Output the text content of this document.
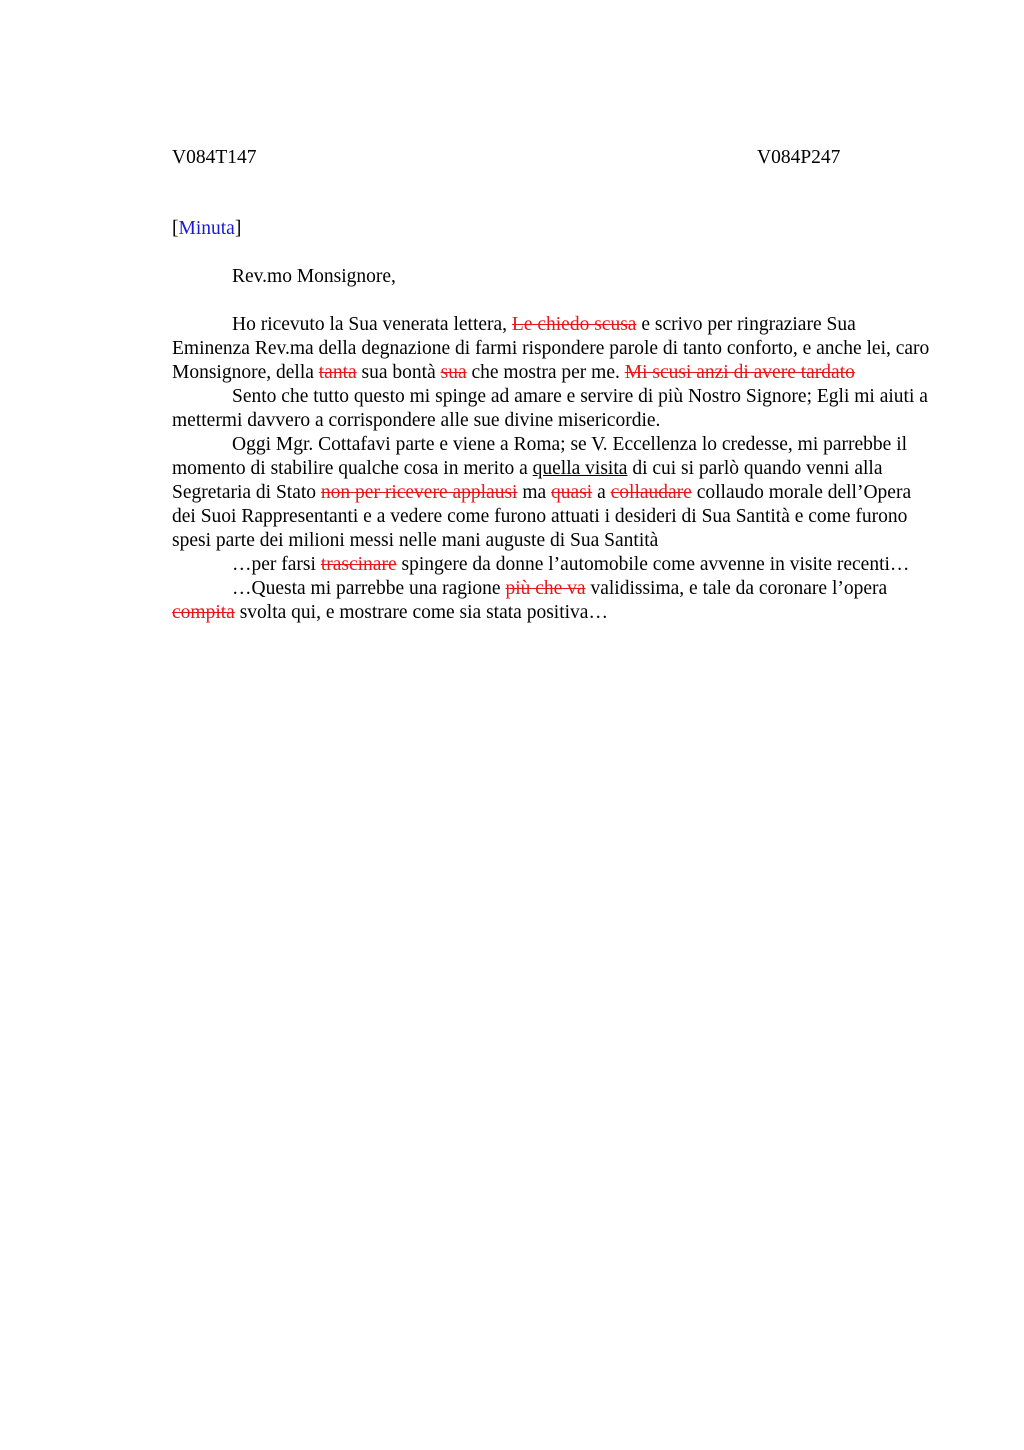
V084T147	V084P247
[Minuta]

Rev.mo Monsignore,

Ho ricevuto la Sua venerata lettera, Le chiedo scusa e scrivo per ringraziare Sua Eminenza Rev.ma della degnazione di farmi rispondere parole di tanto conforto, e anche lei, caro Monsignore, della tanta sua bontà sua che mostra per me. Mi scusi anzi di avere tardato

Sento che tutto questo mi spinge ad amare e servire di più Nostro Signore; Egli mi aiuti a mettermi davvero a corrispondere alle sue divine misericordie.

Oggi Mgr. Cottafavi parte e viene a Roma; se V. Eccellenza lo credesse, mi parrebbe il momento di stabilire qualche cosa in merito a quella visita di cui si parlò quando venni alla Segretaria di Stato non per ricevere applausi ma quasi a collaudare collaudo morale dell’Opera dei Suoi Rappresentanti e a vedere come furono attuati i desideri di Sua Santità e come furono spesi parte dei milioni messi nelle mani auguste di Sua Santità

…per farsi trascinare spingere da donne l’automobile come avvenne in visite recenti…

…Questa mi parrebbe una ragione più che va validissima, e tale da coronare l’opera compita svolta qui, e mostrare come sia stata positiva…
